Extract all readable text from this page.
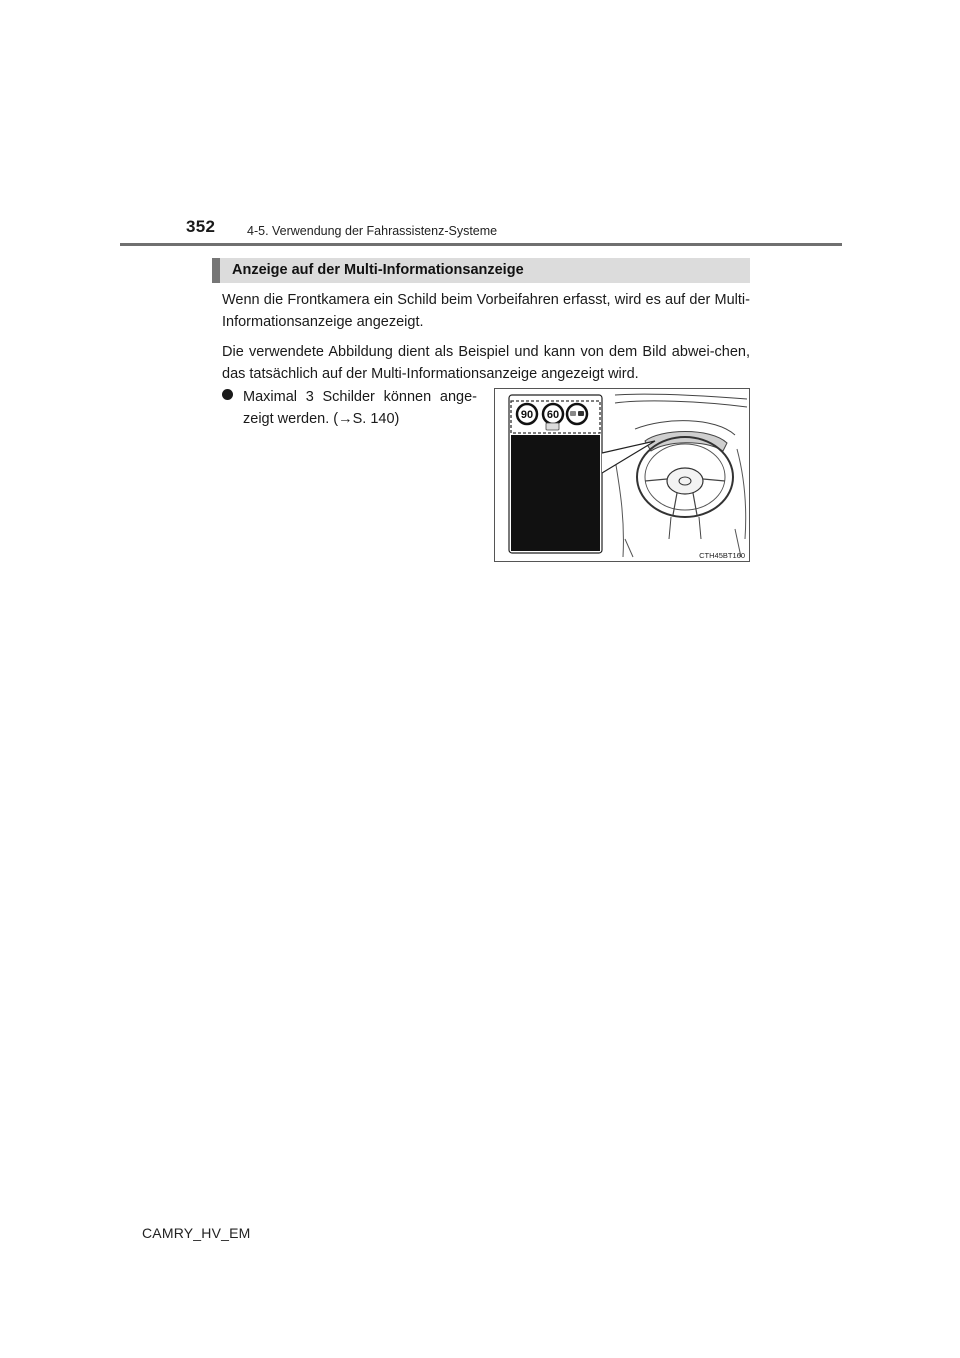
352	4-5. Verwendung der Fahrassistenz-Systeme
Anzeige auf der Multi-Informationsanzeige

Wenn die Frontkamera ein Schild beim Vorbeifahren erfasst, wird es auf der Multi-Informationsanzeige angezeigt.

Die verwendete Abbildung dient als Beispiel und kann von dem Bild abwei-chen, das tatsächlich auf der Multi-Informationsanzeige angezeigt wird.

Maximal 3 Schilder können ange-zeigt werden. (→S. 140)	90 60
CTH45BT160
CAMRY_HV_EM
